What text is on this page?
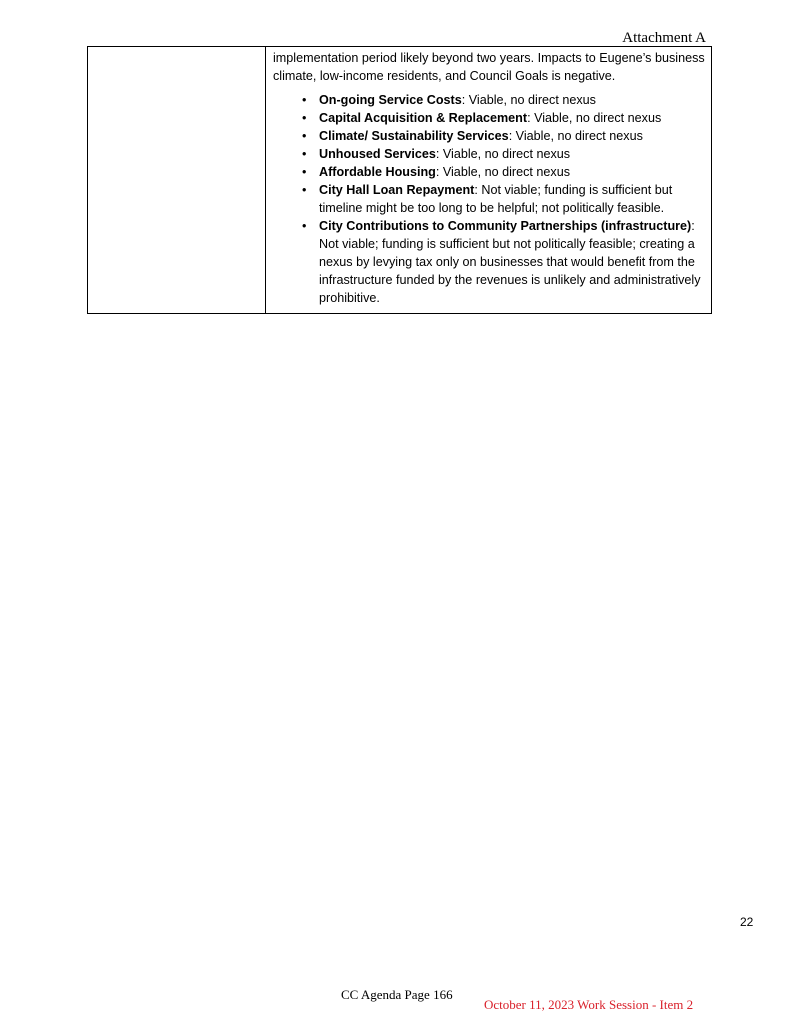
Attachment A

implementation period likely beyond two years. Impacts to Eugene’s business climate, low-income residents, and Council Goals is negative.

• On-going Service Costs: Viable, no direct nexus
• Capital Acquisition & Replacement: Viable, no direct nexus
• Climate/ Sustainability Services: Viable, no direct nexus
• Unhoused Services: Viable, no direct nexus
• Affordable Housing: Viable, no direct nexus
• City Hall Loan Repayment: Not viable; funding is sufficient but timeline might be too long to be helpful; not politically feasible.
• City Contributions to Community Partnerships (infrastructure): Not viable; funding is sufficient but not politically feasible; creating a nexus by levying tax only on businesses that would benefit from the infrastructure funded by the revenues is unlikely and administratively prohibitive.
22
CC Agenda Page 166
October 11, 2023 Work Session - Item 2
